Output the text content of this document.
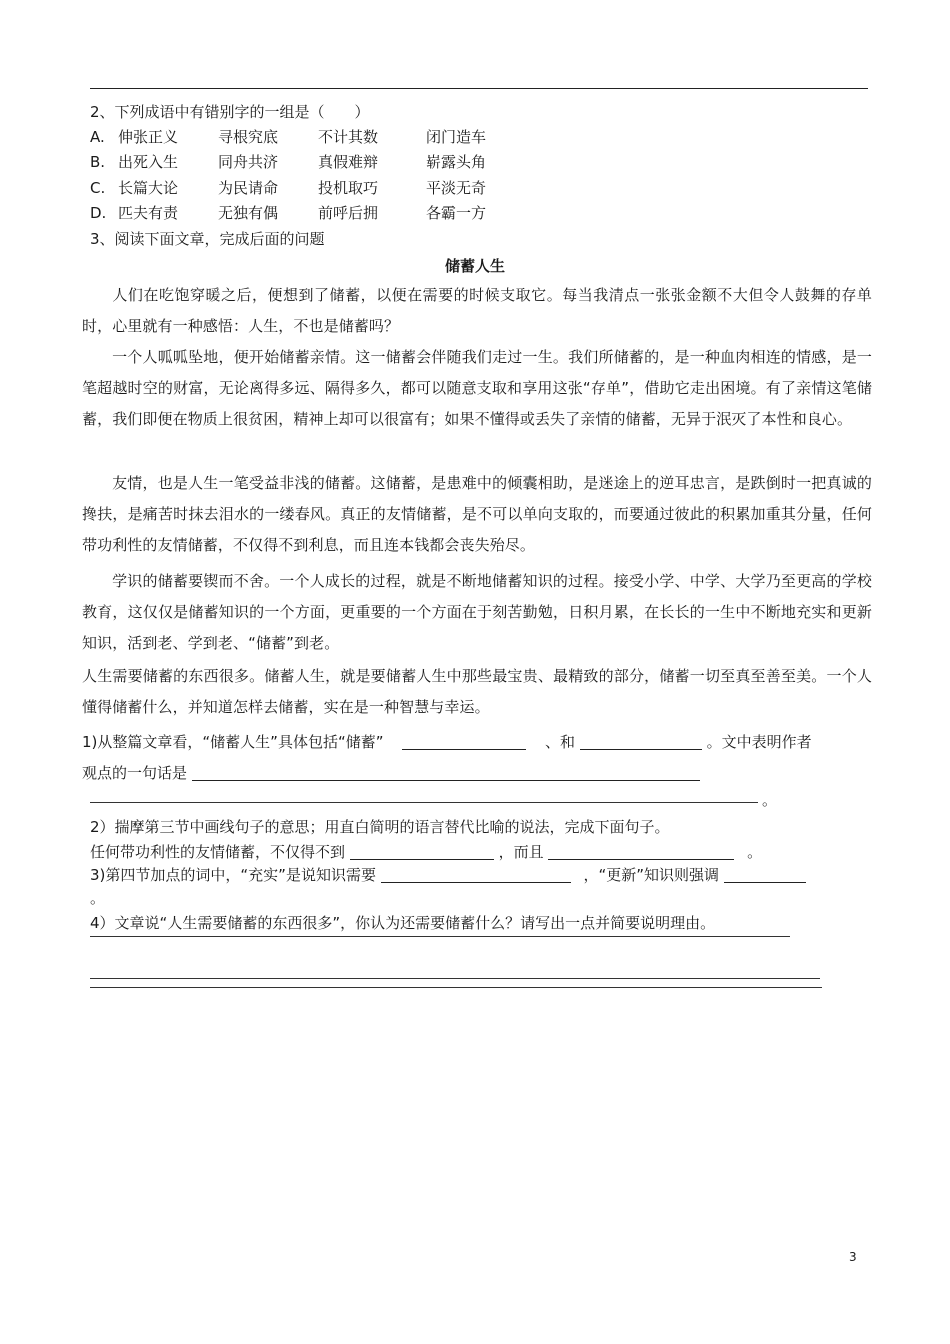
2、下列成语中有错别字的一组是（　　）
A. 伸张正义	寻根究底	不计其数	闭门造车
B. 出死入生	同舟共济	真假难辩	崭露头角
C. 长篇大论	为民请命	投机取巧	平淡无奇
D. 匹夫有责	无独有偶	前呼后拥	各霸一方
3、阅读下面文章，完成后面的问题
储蓄人生
人们在吃饱穿暖之后，便想到了储蓄，以便在需要的时候支取它。每当我清点一张张金额不大但令人鼓舞的存单时，心里就有一种感悟：人生，不也是储蓄吗？
一个人呱呱坠地，便开始储蓄亲情。这一储蓄会伴随我们走过一生。我们所储蓄的，是一种血肉相连的情感，是一笔超越时空的财富，无论离得多远、隔得多久，都可以随意支取和享用这张“存单”，借助它走出困境。有了亲情这笔储蓄，我们即便在物质上很贫困，精神上却可以很富有；如果不懂得或丢失了亲情的储蓄，无异于泯灭了本性和良心。
友情，也是人生一笔受益非浅的储蓄。这储蓄，是患难中的倾囊相助，是迷途上的逆耳忠言，是跌倒时一把真诚的搀扶，是痛苦时抹去泪水的一缕春风。真正的友情储蓄，是不可以单向支取的，而要通过彼此的积累加重其分量，任何带功利性的友情储蓄，不仅得不到利息，而且连本钱都会丧失殆尽。
学识的储蓄要锲而不舍。一个人成长的过程，就是不断地储蓄知识的过程。接受小学、中学、大学乃至更高的学校教育，这仅仅是储蓄知识的一个方面，更重要的一个方面在于刻苦勤勉，日积月累，在长长的一生中不断地充实和更新知识，活到老、学到老、“储蓄”到老。
人生需要储蓄的东西很多。储蓄人生，就是要储蓄人生中那些最宝贵、最精致的部分，储蓄一切至真至善至美。一个人懂得储蓄什么，并知道怎样去储蓄，实在是一种智慧与幸运。
1)从整篇文章看，“储蓄人生”具体包括“储蓄”	、和	。文中表明作者
观点的一句话是
。
2）揣摩第三节中画线句子的意思；用直白简明的语言替代比喻的说法，完成下面句子。
任何带功利性的友情储蓄，不仅得不到	，而且	。
3)第四节加点的词中，“充实”是说知识需要	，“更新”知识则强调
。
4）文章说“人生需要储蓄的东西很多”，你认为还需要储蓄什么？请写出一点并简要说明理由。
3
